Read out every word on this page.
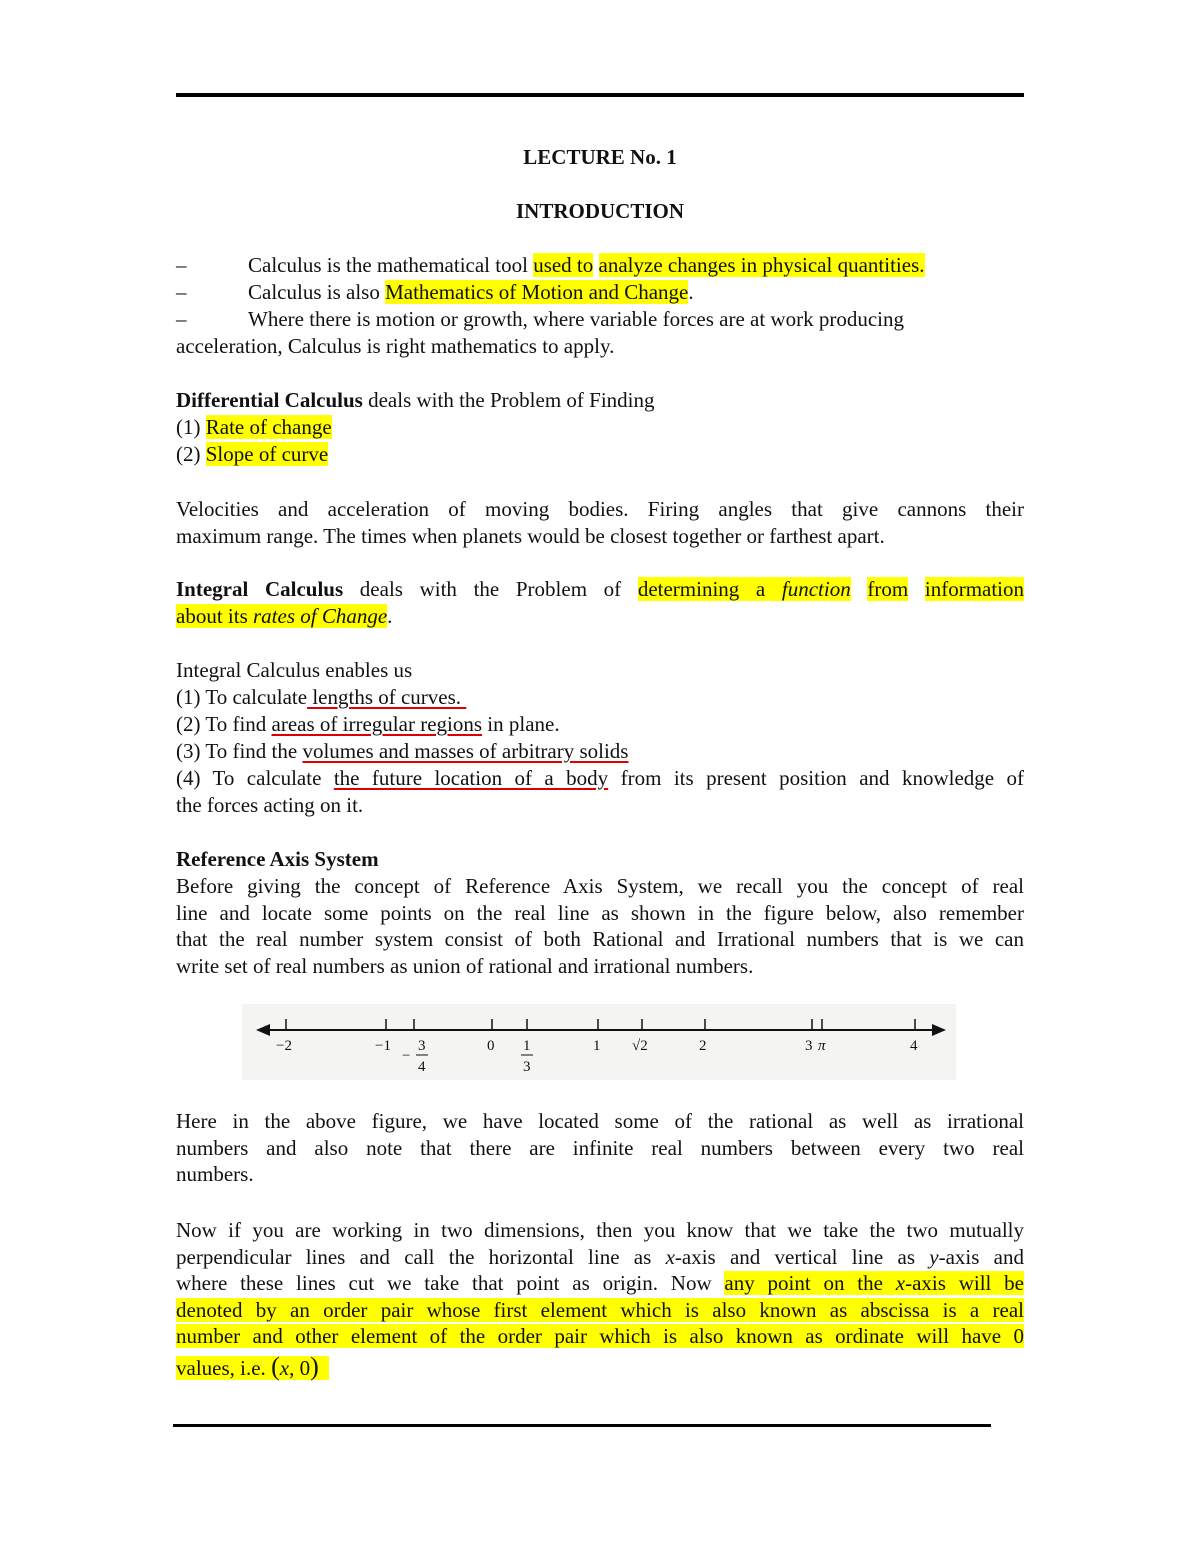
LECTURE No. 1
INTRODUCTION
–	Calculus is the mathematical tool used to analyze changes in physical quantities.
–	Calculus is also Mathematics of Motion and Change.
–	Where there is motion or growth, where variable forces are at work producing
acceleration, Calculus is right mathematics to apply.
Differential Calculus deals with the Problem of Finding
(1) Rate of change
(2) Slope of curve
Velocities and acceleration of moving bodies. Firing angles that give cannons their
maximum range. The times when planets would be closest together or farthest apart.
Integral Calculus deals with the Problem of determining a function from information
about its rates of Change.
Integral Calculus enables us
(1) To calculate lengths of curves.
(2) To find areas of irregular regions in plane.
(3) To find the volumes and masses of arbitrary solids
(4) To calculate the future location of a body from its present position and knowledge of
the forces acting on it.
Reference Axis System
Before giving the concept of Reference Axis System, we recall you the concept of real
line and locate some points on the real line as shown in the figure below, also remember
that the real number system consist of both Rational and Irrational numbers that is we can
write set of real numbers as union of rational and irrational numbers.
−2	−1
−
3
4
0 1
3
1 √2	2	3 π	4
Here in the above figure, we have located some of the rational as well as irrational
numbers and also note that there are infinite real numbers between every two real
numbers.
Now if you are working in two dimensions, then you know that we take the two mutually
perpendicular lines and call the horizontal line as x-axis and vertical line as y-axis and
where these lines cut we take that point as origin. Now any point on the x-axis will be
denoted by an order pair whose first element which is also known as abscissa is a real
number and other element of the order pair which is also known as ordinate will have 0
values, i.e. (x, 0)
